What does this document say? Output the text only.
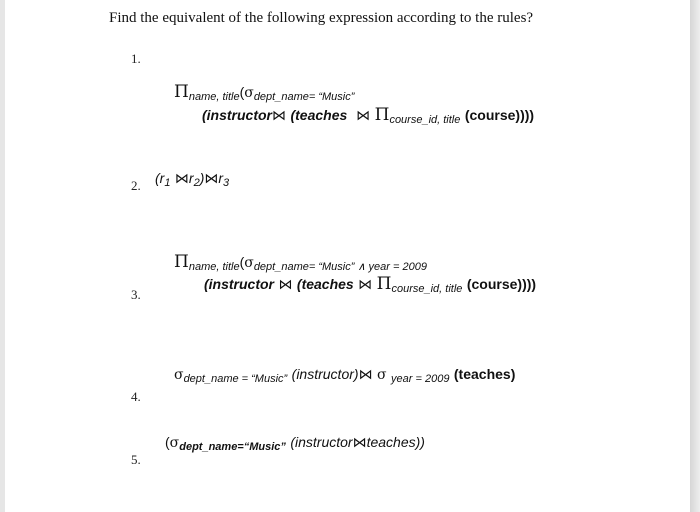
Find the equivalent of the following expression according to the rules?
1.
Πname, title(σdept_name= “Music”
(instructor⋈ (teaches ⋈ Πcourse_id, title (course))))
2. (r1 ⋈r2)⋈r3
3.
Πname, title(σdept_name= “Music” ∧ year = 2009
(instructor ⋈ (teaches ⋈ Πcourse_id, title (course))))
4.
σdept_name = “Music” (instructor)⋈ σ year = 2009 (teaches)
5.
(σdept_name=“Music” (instructor⋈teaches))
